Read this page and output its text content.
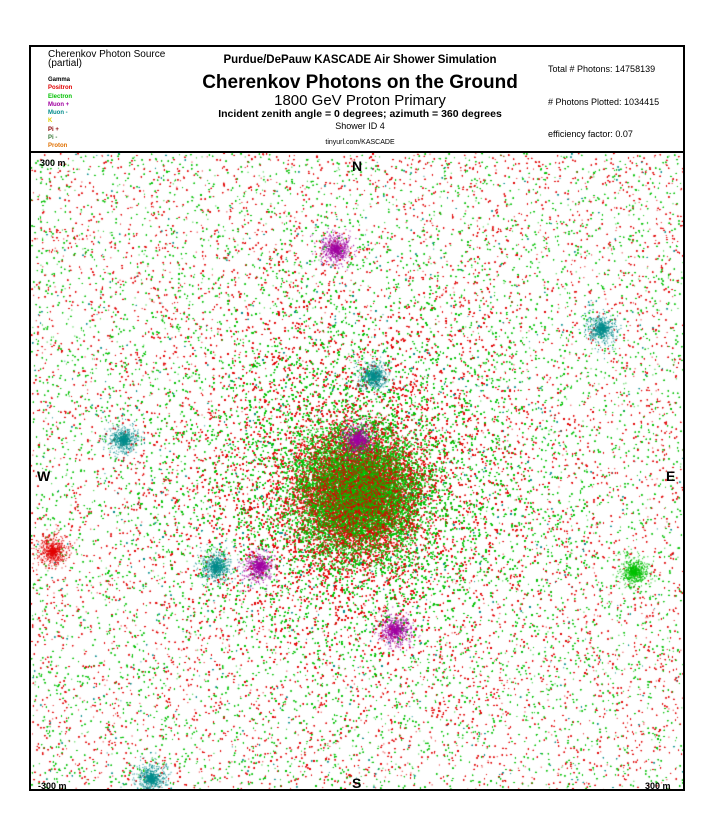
Cherenkov Photon Source
(partial)
Gamma
Positron
Electron
Muon +
Muon -
K
Pi +
Pi -
Proton
Purdue/DePauw KASCADE Air Shower Simulation
Cherenkov Photons on the Ground
1800 GeV Proton Primary
Incident zenith angle = 0 degrees; azimuth = 360 degrees
Shower ID 4
tinyurl.com/KASCADE
Total # Photons: 14758139
# Photons Plotted: 1034415
efficiency factor: 0.07
N
S
W	E
300 m
-300 m	300 m
